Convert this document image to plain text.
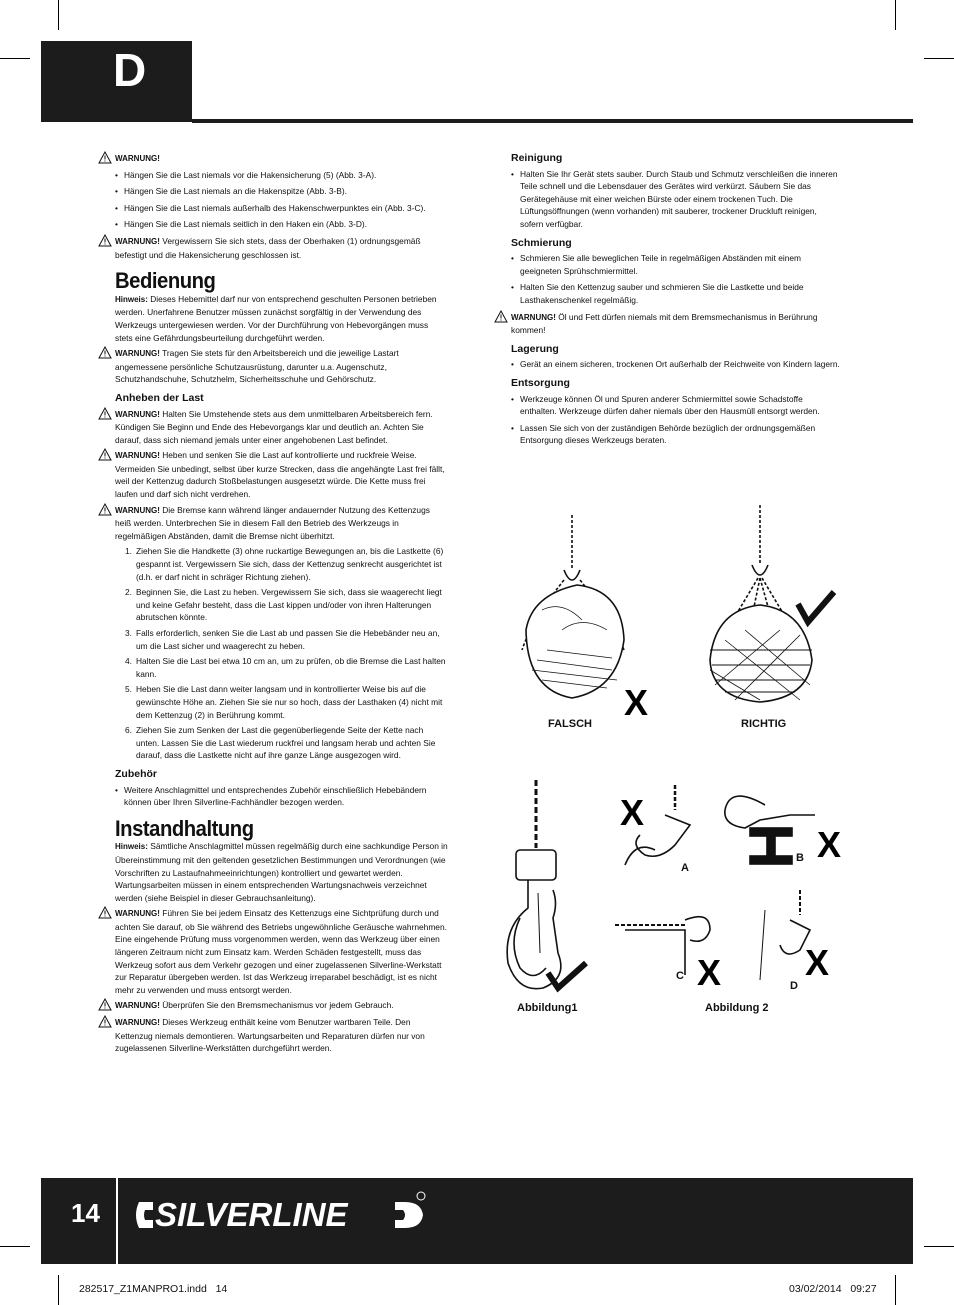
D
WARNUNG!
• Hängen Sie die Last niemals vor die Hakensicherung (5) (Abb. 3-A).
• Hängen Sie die Last niemals an die Hakenspitze (Abb. 3-B).
• Hängen Sie die Last niemals außerhalb des Hakenschwerpunktes ein (Abb. 3-C).
• Hängen Sie die Last niemals seitlich in den Haken ein (Abb. 3-D).
WARNUNG! Vergewissern Sie sich stets, dass der Oberhaken (1) ordnungsgemäß befestigt und die Hakensicherung geschlossen ist.
Bedienung

Hinweis: Dieses Hebemittel darf nur von entsprechend geschulten Personen betrieben werden. Unerfahrene Benutzer müssen zunächst sorgfältig in der Verwendung des Werkzeugs untergewiesen werden. Vor der Durchführung von Hebevorgängen muss stets eine Gefährdungsbeurteilung durchgeführt werden.

WARNUNG! Tragen Sie stets für den Arbeitsbereich und die jeweilige Lastart angemessene persönliche Schutzausrüstung, darunter u.a. Augenschutz, Schutzhandschuhe, Schutzhelm, Sicherheitsschuhe und Gehörschutz.
Anheben der Last
WARNUNG! Halten Sie Umstehende stets aus dem unmittelbaren Arbeitsbereich fern. Kündigen Sie Beginn und Ende des Hebevorgangs klar und deutlich an. Achten Sie darauf, dass sich niemand jemals unter einer angehobenen Last befindet.
WARNUNG! Heben und senken Sie die Last auf kontrollierte und ruckfreie Weise. Vermeiden Sie unbedingt, selbst über kurze Strecken, dass die angehängte Last frei fällt, weil der Kettenzug dadurch Stoßbelastungen ausgesetzt würde. Die Kette muss frei laufen und darf sich nicht verdrehen.
WARNUNG! Die Bremse kann während länger andauernder Nutzung des Kettenzugs heiß werden. Unterbrechen Sie in diesem Fall den Betrieb des Werkzeugs in regelmäßigen Abständen, damit die Bremse nicht überhitzt.
1. Ziehen Sie die Handkette (3) ohne ruckartige Bewegungen an, bis die Lastkette (6) gespannt ist. Vergewissern Sie sich, dass der Kettenzug senkrecht ausgerichtet ist (d.h. er darf nicht in schräger Richtung ziehen).
2. Beginnen Sie, die Last zu heben. Vergewissern Sie sich, dass sie waagerecht liegt und keine Gefahr besteht, dass die Last kippen und/oder von ihren Halterungen abrutschen könnte.
3. Falls erforderlich, senken Sie die Last ab und passen Sie die Hebebänder neu an, um die Last sicher und waagerecht zu heben.
4. Halten Sie die Last bei etwa 10 cm an, um zu prüfen, ob die Bremse die Last halten kann.
5. Heben Sie die Last dann weiter langsam und in kontrollierter Weise bis auf die gewünschte Höhe an. Ziehen Sie sie nur so hoch, dass der Lasthaken (4) nicht mit dem Kettenzug (2) in Berührung kommt.
6. Ziehen Sie zum Senken der Last die gegenüberliegende Seite der Kette nach unten. Lassen Sie die Last wiederum ruckfrei und langsam herab und achten Sie darauf, dass die Lastkette nicht auf ihre ganze Länge ausgezogen wird.
Zubehör
• Weitere Anschlagmittel und entsprechendes Zubehör einschließlich Hebebändern können über Ihren Silverline-Fachhändler bezogen werden.
Instandhaltung

Hinweis: Sämtliche Anschlagmittel müssen regelmäßig durch eine sachkundige Person in Übereinstimmung mit den geltenden gesetzlichen Bestimmungen und Verordnungen (wie Vorschriften zu Lastaufnahmeeinrichtungen) kontrolliert und gewartet werden. Wartungsarbeiten müssen in einem entsprechenden Wartungsnachweis verzeichnet werden (siehe Beispiel in dieser Gebrauchsanleitung).

WARNUNG! Führen Sie bei jedem Einsatz des Kettenzugs eine Sichtprüfung durch und achten Sie darauf, ob Sie während des Betriebs ungewöhnliche Geräusche wahrnehmen. Eine eingehende Prüfung muss vorgenommen werden, wenn das Werkzeug über einen längeren Zeitraum nicht zum Einsatz kam. Werden Schäden festgestellt, muss das Werkzeug sofort aus dem Verkehr gezogen und einer zugelassenen Silverline-Werkstatt zur Reparatur übergeben werden. Ist das Werkzeug irreparabel beschädigt, ist es nicht mehr zu verwenden und muss entsorgt werden.
WARNUNG! Überprüfen Sie den Bremsmechanismus vor jedem Gebrauch.
WARNUNG! Dieses Werkzeug enthält keine vom Benutzer wartbaren Teile. Den Kettenzug niemals demontieren. Wartungsarbeiten und Reparaturen dürfen nur von zugelassenen Silverline-Werkstätten durchgeführt werden.
Reinigung
• Halten Sie Ihr Gerät stets sauber. Durch Staub und Schmutz verschleißen die inneren Teile schnell und die Lebensdauer des Gerätes wird verkürzt. Säubern Sie das Gerätegehäuse mit einer weichen Bürste oder einem trockenen Tuch. Die Lüftungsöffnungen (wenn vorhanden) mit sauberer, trockener Druckluft reinigen, sofern verfügbar.
Schmierung
• Schmieren Sie alle beweglichen Teile in regelmäßigen Abständen mit einem geeigneten Sprühschmiermittel.
• Halten Sie den Kettenzug sauber und schmieren Sie die Lastkette und beide Lasthakenschenkel regelmäßig.
WARNUNG! Öl und Fett dürfen niemals mit dem Bremsmechanismus in Berührung kommen!
Lagerung
• Gerät an einem sicheren, trockenen Ort außerhalb der Reichweite von Kindern lagern.
Entsorgung
• Werkzeuge können Öl und Spuren anderer Schmiermittel sowie Schadstoffe enthalten. Werkzeuge dürfen daher niemals über den Hausmüll entsorgt werden.
• Lassen Sie sich von der zuständigen Behörde bezüglich der ordnungsgemäßen Entsorgung dieses Werkzeugs beraten.
X
FALSCH	RICHTIG
Abbildung1
X
X
X X
A
B
C
D
Abbildung 2
14 SILVERLINE
282517_Z1MANPRO1.indd 14	03/02/2014 09:27
